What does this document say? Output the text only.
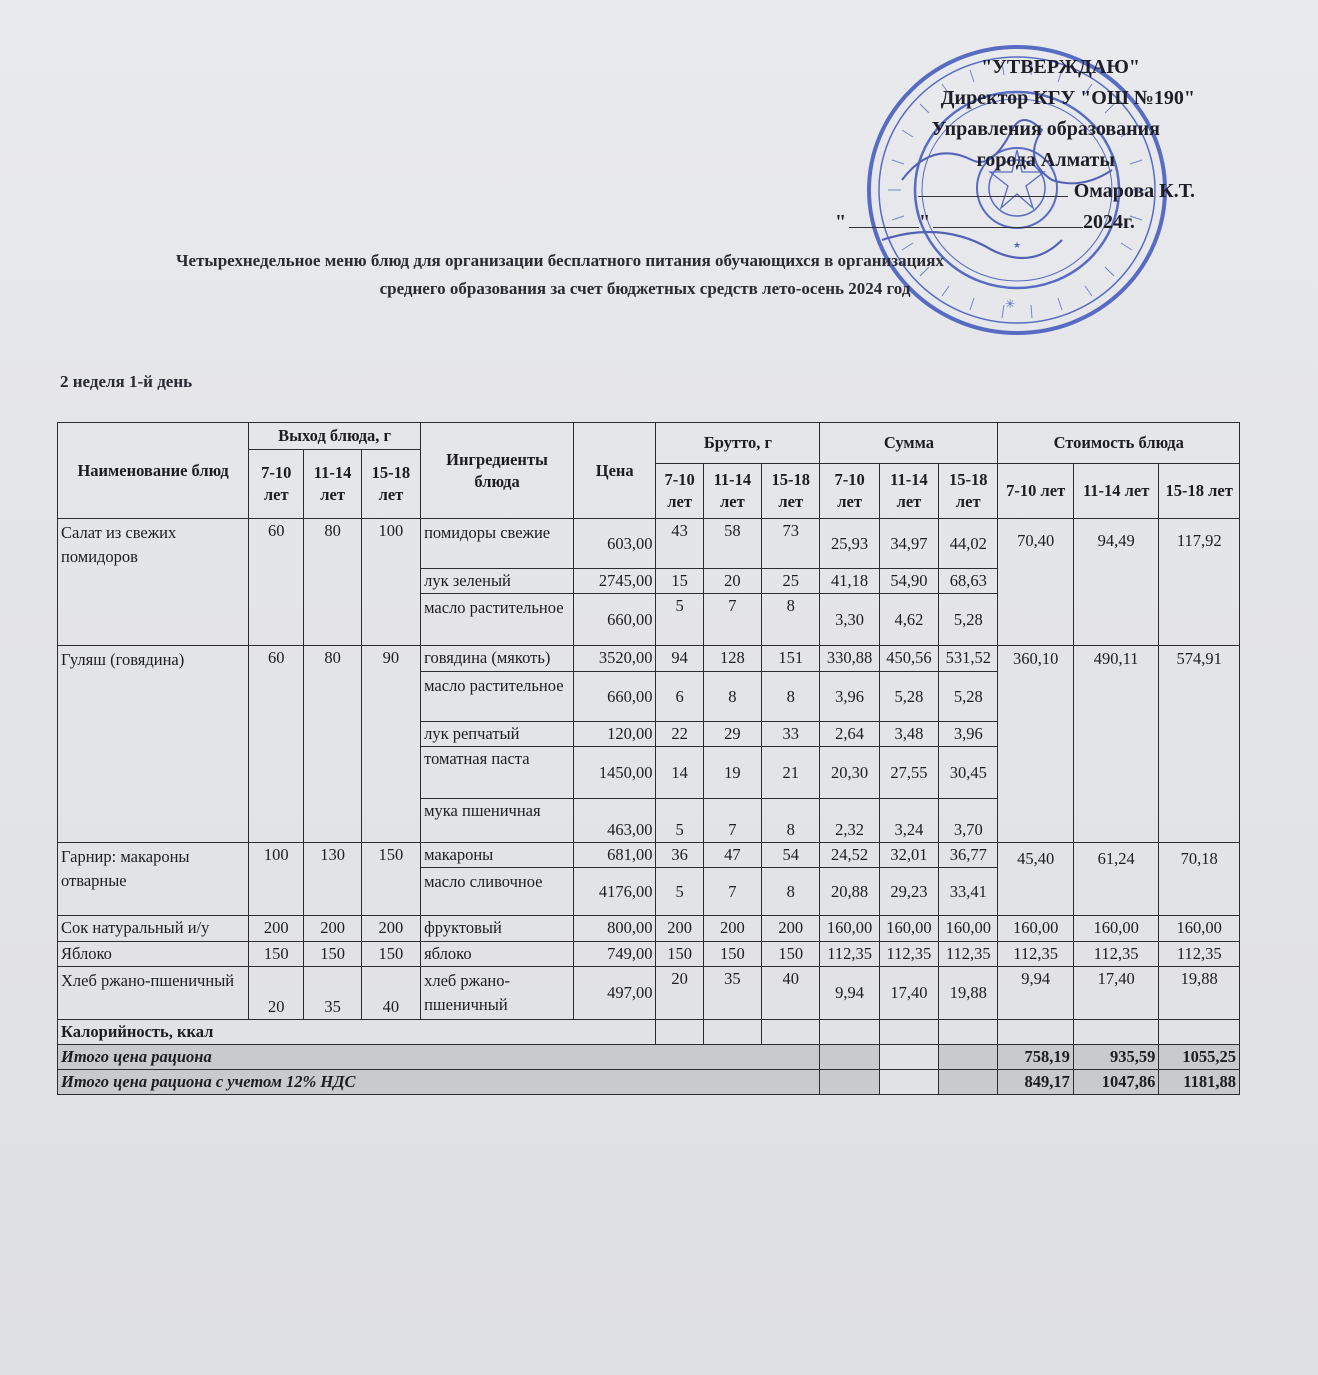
★
✳
"УТВЕРЖДАЮ"
Директор КГУ "ОШ №190"
Управления образования
города Алматы
Омарова К.Т.
"	"	2024г.
Четырехнедельное меню блюд для организации бесплатного питания обучающихся в организациях
среднего образования за счет бюджетных средств лето-осень 2024 год
2 неделя 1-й день
Наименование блюд	Выход блюда, г			Ингредиенты блюда	Цена	Брутто, г			Сумма			Стоимость блюда		
	7-10 лет	11-14 лет	15-18 лет											
						7-10 лет	11-14 лет	15-18 лет	7-10 лет	11-14 лет	15-18 лет	7-10 лет	11-14 лет	15-18 лет
Салат из свежих помидоров	60	80	100	помидоры свежие	603,00	43	58	73	25,93	34,97	44,02	70,40	94,49	117,92
				лук зеленый	2745,00	15	20	25	41,18	54,90	68,63			
				масло растительное	660,00	5	7	8	3,30	4,62	5,28			
Гуляш (говядина)	60	80	90	говядина (мякоть)	3520,00	94	128	151	330,88	450,56	531,52	360,10	490,11	574,91
				масло растительное	660,00	6	8	8	3,96	5,28	5,28			
				лук репчатый	120,00	22	29	33	2,64	3,48	3,96			
				томатная паста	1450,00	14	19	21	20,30	27,55	30,45			
				мука пшеничная	463,00	5	7	8	2,32	3,24	3,70			
Гарнир: макароны отварные	100	130	150	макароны	681,00	36	47	54	24,52	32,01	36,77	45,40	61,24	70,18
				масло сливочное	4176,00	5	7	8	20,88	29,23	33,41			
Сок натуральный и/у	200	200	200	фруктовый	800,00	200	200	200	160,00	160,00	160,00	160,00	160,00	160,00
Яблоко	150	150	150	яблоко	749,00	150	150	150	112,35	112,35	112,35	112,35	112,35	112,35
Хлеб ржано-пшеничный	20	35	40	хлеб ржано-пшеничный	497,00	20	35	40	9,94	17,40	19,88	9,94	17,40	19,88
Калорийность, ккал														
Итого цена рациона												758,19	935,59	1055,25
Итого цена рациона с учетом 12% НДС												849,17	1047,86	1181,88
